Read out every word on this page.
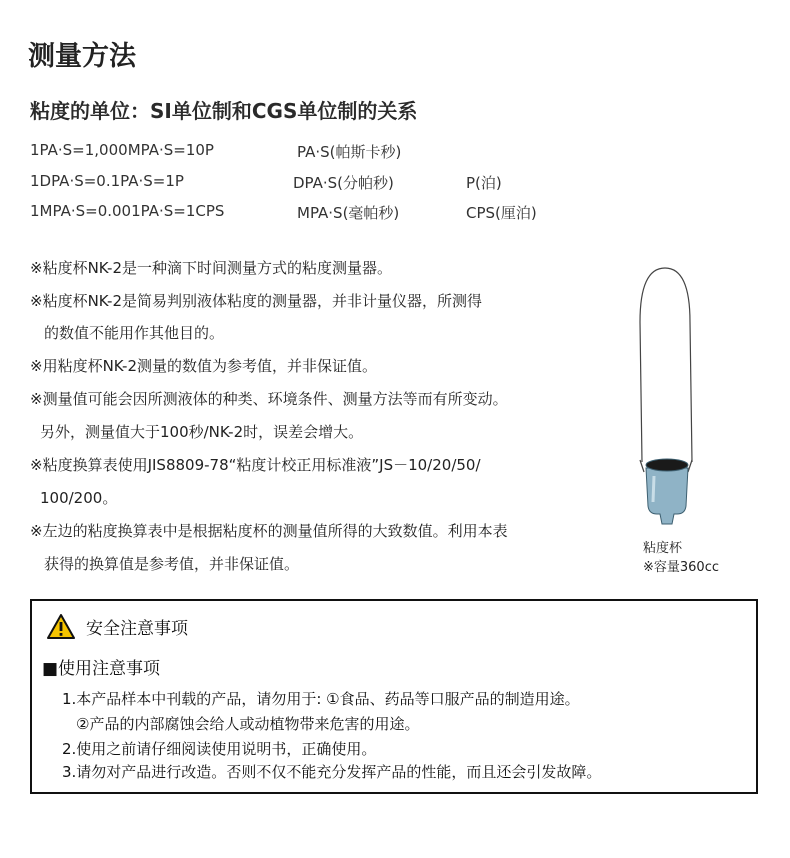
测量方法
粘度的单位：SI单位制和CGS单位制的关系
1PA·S=1,000MPA·S=10P	PA·S(帕斯卡秒)
1DPA·S=0.1PA·S=1P	DPA·S(分帕秒)	P(泊)
1MPA·S=0.001PA·S=1CPS	MPA·S(毫帕秒)	CPS(厘泊)
※粘度杯NK-2是一种滴下时间测量方式的粘度测量器。
※粘度杯NK-2是简易判别液体粘度的测量器，并非计量仪器，所测得
的数值不能用作其他目的。
※用粘度杯NK-2测量的数值为参考值，并非保证值。
※测量值可能会因所测液体的种类、环境条件、测量方法等而有所变动。
另外，测量值大于100秒/NK-2时，误差会增大。
※粘度换算表使用JIS8809-78“粘度计校正用标准液”JS－10/20/50/
100/200。
※左边的粘度换算表中是根据粘度杯的测量值所得的大致数值。利用本表
获得的换算值是参考值，并非保证值。
粘度杯
※容量360cc
安全注意事项
■使用注意事项
1.本产品样本中刊载的产品，请勿用于: ①食品、药品等口服产品的制造用途。
②产品的内部腐蚀会给人或动植物带来危害的用途。
2.使用之前请仔细阅读使用说明书，正确使用。
3.请勿对产品进行改造。否则不仅不能充分发挥产品的性能，而且还会引发故障。
